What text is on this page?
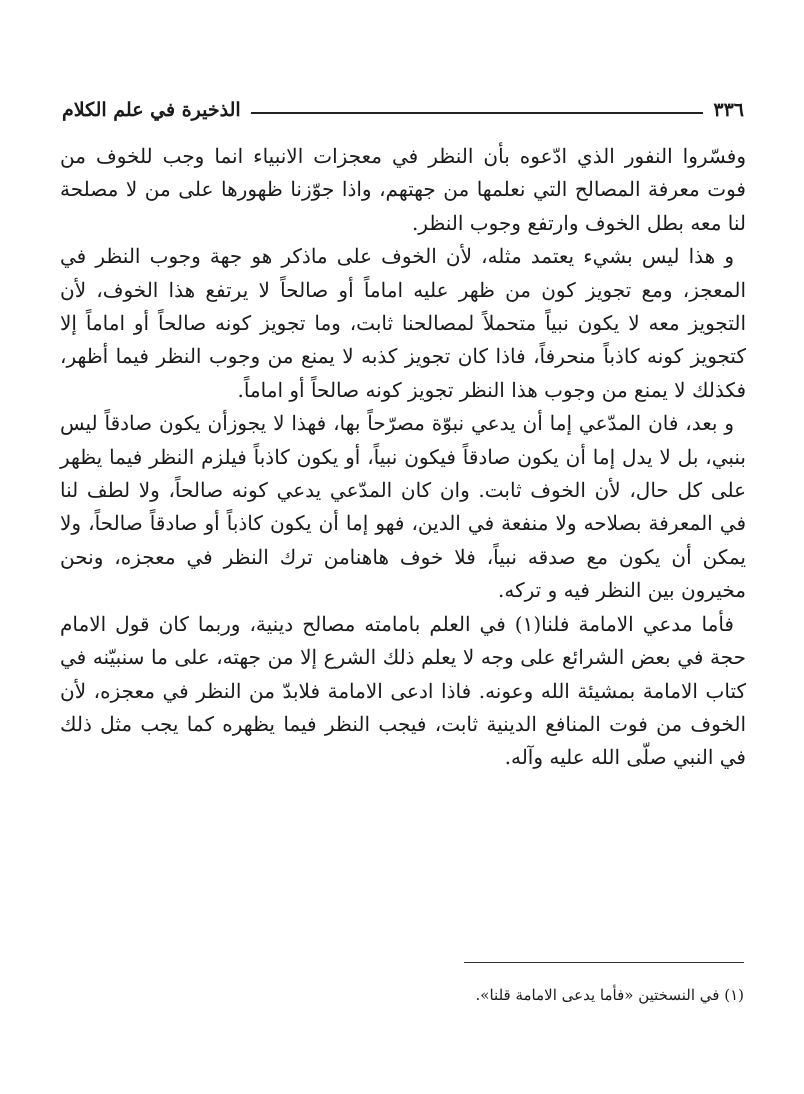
٣٣٦
الذخيرة في علم الكلام

وفسّروا النفور الذي ادّعوه بأن النظر في معجزات الانبياء انما وجب للخوف من فوت معرفة المصالح التي نعلمها من جهتهم، واذا جوّزنا ظهورها على من لا مصلحة لنا معه بطل الخوف وارتفع وجوب النظر.

و هذا ليس بشيء يعتمد مثله، لأن الخوف على ماذكر هو جهة وجوب النظر في المعجز، ومع تجويز كون من ظهر عليه اماماً أو صالحاً لا يرتفع هذا الخوف، لأن التجويز معه لا يكون نبياً متحملاً لمصالحنا ثابت، وما تجويز كونه صالحاً أو اماماً إلا كتجويز كونه كاذباً منحرفاً، فاذا كان تجويز كذبه لا يمنع من وجوب النظر فيما أظهر، فكذلك لا يمنع من وجوب هذا النظر تجويز كونه صالحاً أو اماماً.

و بعد، فان المدّعي إما أن يدعي نبوّة مصرّحاً بها، فهذا لا يجوزأن يكون صادقاً ليس بنبي، بل لا يدل إما أن يكون صادقاً فيكون نبياً، أو يكون كاذباً فيلزم النظر فيما يظهر على كل حال، لأن الخوف ثابت. وان كان المدّعي يدعي كونه صالحاً، ولا لطف لنا في المعرفة بصلاحه ولا منفعة في الدين، فهو إما أن يكون كاذباً أو صادقاً صالحاً، ولا يمكن أن يكون مع صدقه نبياً، فلا خوف هاهنامن ترك النظر في معجزه، ونحن مخيرون بين النظر فيه و تركه.

فأما مدعي الامامة فلنا(١) في العلم بامامته مصالح دينية، وربما كان قول الامام حجة في بعض الشرائع على وجه لا يعلم ذلك الشرع إلا من جهته، على ما سنبيّنه في كتاب الامامة بمشيئة الله وعونه. فاذا ادعى الامامة فلابدّ من النظر في معجزه، لأن الخوف من فوت المنافع الدينية ثابت، فيجب النظر فيما يظهره كما يجب مثل ذلك في النبي صلّى الله عليه وآله.

(١) في النسختين «فأما يدعى الامامة قلنا».
